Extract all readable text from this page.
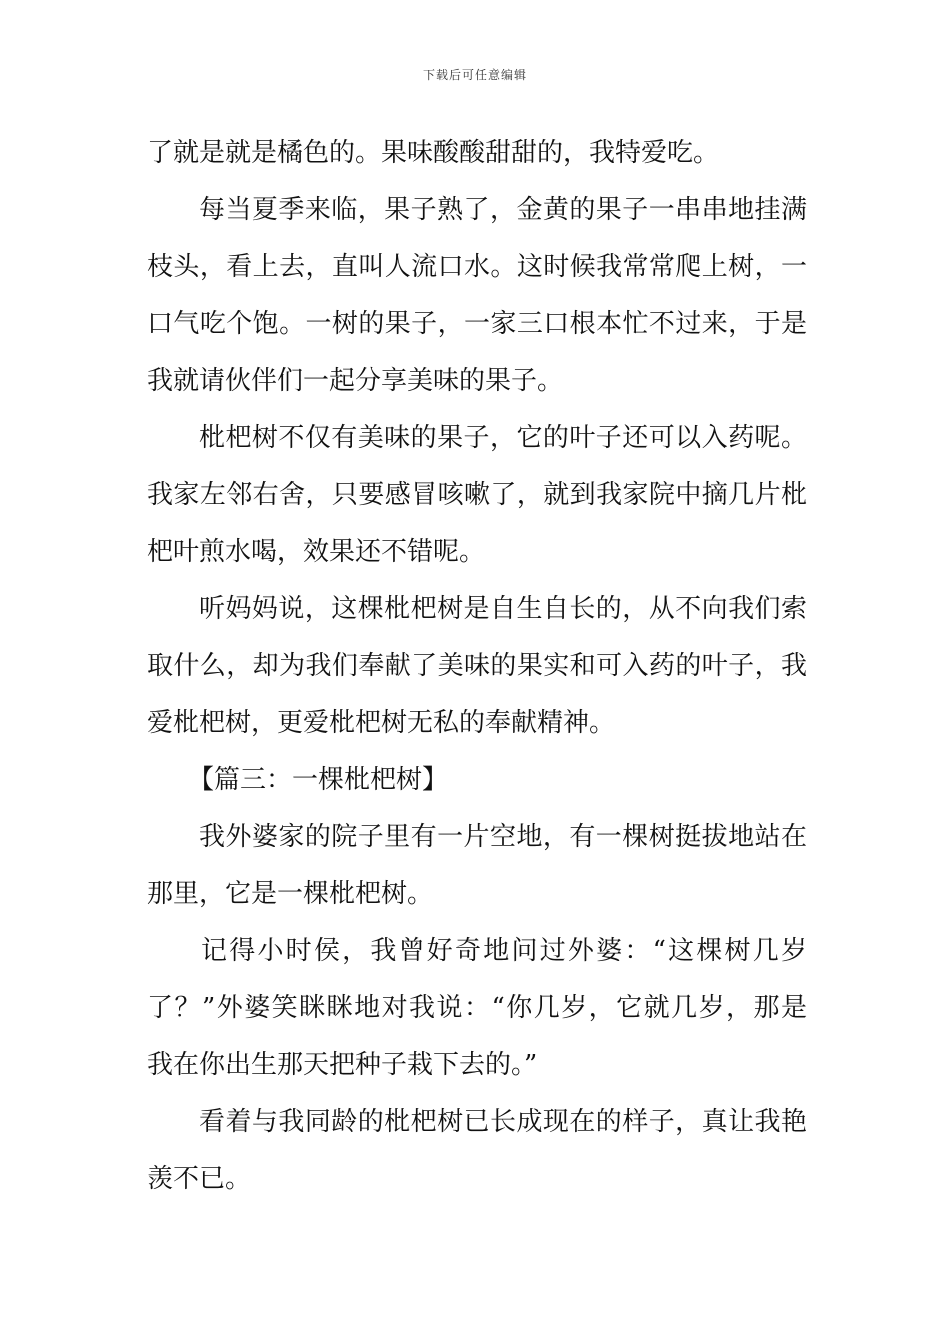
下载后可任意编辑
了就是就是橘色的。果味酸酸甜甜的，我特爱吃。
每当夏季来临，果子熟了，金黄的果子一串串地挂满
枝头，看上去，直叫人流口水。这时候我常常爬上树，一
口气吃个饱。一树的果子，一家三口根本忙不过来，于是
我就请伙伴们一起分享美味的果子。
枇杷树不仅有美味的果子，它的叶子还可以入药呢。
我家左邻右舍，只要感冒咳嗽了，就到我家院中摘几片枇
杷叶煎水喝，效果还不错呢。
听妈妈说，这棵枇杷树是自生自长的，从不向我们索
取什么，却为我们奉献了美味的果实和可入药的叶子，我
爱枇杷树，更爱枇杷树无私的奉献精神。
【篇三：一棵枇杷树】
我外婆家的院子里有一片空地，有一棵树挺拔地站在
那里，它是一棵枇杷树。
记得小时侯，我曾好奇地问过外婆：“这棵树几岁
了？”外婆笑眯眯地对我说：“你几岁，它就几岁，那是
我在你出生那天把种子栽下去的。”
看着与我同龄的枇杷树已长成现在的样子，真让我艳
羡不已。
